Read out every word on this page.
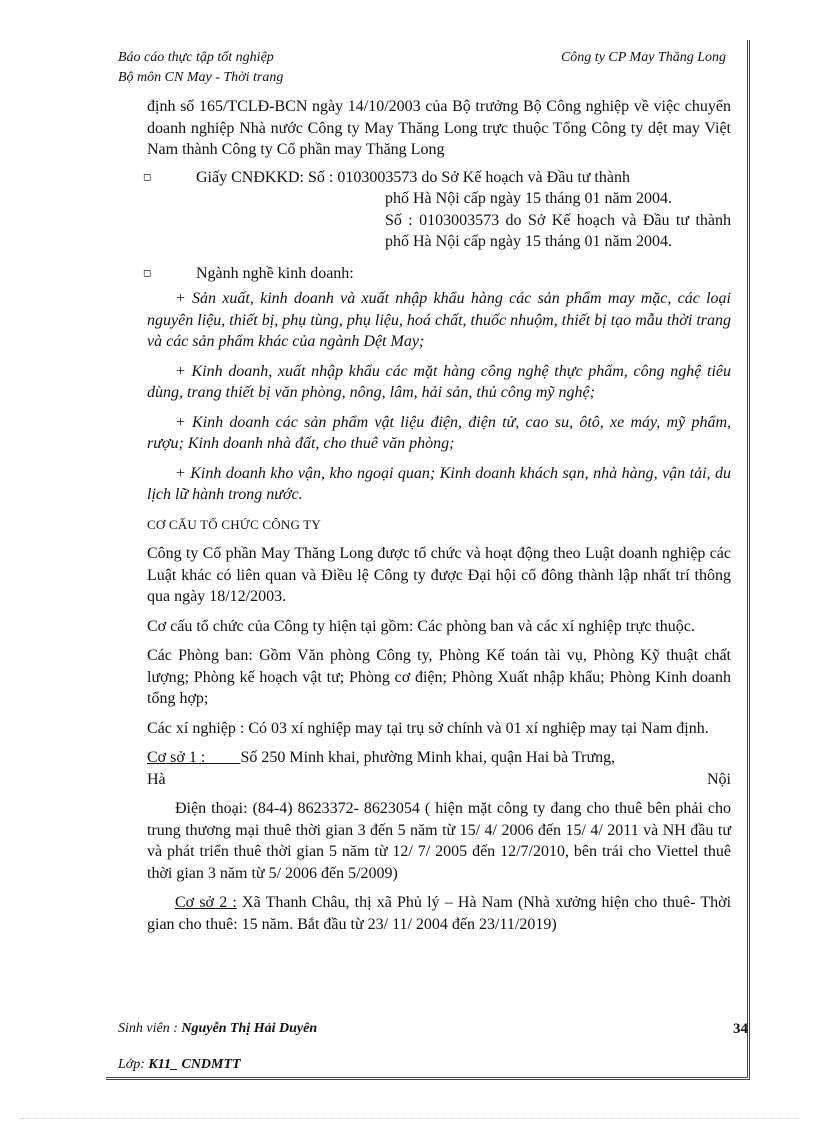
Báo cáo thực tập tốt nghiệp
Bộ môn CN May - Thời trang
Công ty CP May Thăng Long

định số 165/TCLĐ-BCN ngày 14/10/2003 của Bộ trưởng Bộ Công nghiệp về việc chuyển doanh nghiệp Nhà nước Công ty May Thăng Long trực thuộc Tổng Công ty dệt may Việt Nam thành Công ty Cổ phần may Thăng Long

◻	Giấy CNĐKKD: Số : 0103003573 do Sở Kế hoạch và Đầu tư thành
phố Hà Nội cấp ngày 15 tháng 01 năm 2004.
Số : 0103003573 do Sở Kế hoạch và Đầu tư thành phố Hà Nội cấp ngày 15 tháng 01 năm 2004.
◻	Ngành nghề kinh doanh:

+ Sản xuất, kinh doanh và xuất nhập khẩu hàng các sản phẩm may mặc, các loại nguyên liệu, thiết bị, phụ tùng, phụ liệu, hoá chất, thuốc nhuộm, thiết bị tạo mẫu thời trang và các sản phẩm khác của ngành Dệt May;

+ Kinh doanh, xuất nhập khẩu các mặt hàng công nghệ thực phẩm, công nghệ tiêu dùng, trang thiết bị văn phòng, nông, lâm, hải sản, thủ công mỹ nghệ;

+ Kinh doanh các sản phẩm vật liệu điện, điện tử, cao su, ôtô, xe máy, mỹ phẩm, rượu; Kinh doanh nhà đất, cho thuê văn phòng;

+ Kinh doanh kho vận, kho ngoại quan; Kinh doanh khách sạn, nhà hàng, vận tải, du lịch lữ hành trong nước.

CƠ CẤU TỔ CHỨC CÔNG TY

Công ty Cổ phần May Thăng Long được tổ chức và hoạt động theo Luật doanh nghiệp các Luật khác có liên quan và Điều lệ Công ty được Đại hội cổ đông thành lập nhất trí thông qua ngày 18/12/2003.

Cơ cấu tổ chức của Công ty hiện tại gồm: Các phòng ban và các xí nghiệp trực thuộc.

Các Phòng ban: Gồm Văn phòng Công ty, Phòng Kế toán tài vụ, Phòng Kỹ thuật chất lượng; Phòng kế hoạch vật tư; Phòng cơ điện; Phòng Xuất nhập khẩu; Phòng Kinh doanh tổng hợp;

Các xí nghiệp : Có 03 xí nghiệp may tại trụ sở chính và 01 xí nghiệp may tại Nam định.

Cơ sở 1 :    Số 250 Minh khai, phường Minh khai, quận Hai bà Trưng,
Hà	Nội

Điện thoại: (84-4) 8623372- 8623054 ( hiện mặt công ty đang cho thuê bên phải cho trung thương mại thuê thời gian 3 đến 5 năm từ 15/ 4/ 2006 đến 15/ 4/ 2011 và NH đầu tư và phát triển thuê thời gian 5 năm từ 12/ 7/ 2005 đến 12/7/2010, bên trái cho Viettel thuê thời gian 3 năm từ 5/ 2006 đến 5/2009)

Cơ sở 2 : Xã Thanh Châu, thị xã Phủ lý – Hà Nam (Nhà xưởng hiện cho thuê- Thời gian cho thuê: 15 năm. Bắt đầu từ 23/ 11/ 2004 đến 23/11/2019)

Sinh viên : Nguyễn Thị Hải Duyên	34
Lớp: K11_ CNDMTT
